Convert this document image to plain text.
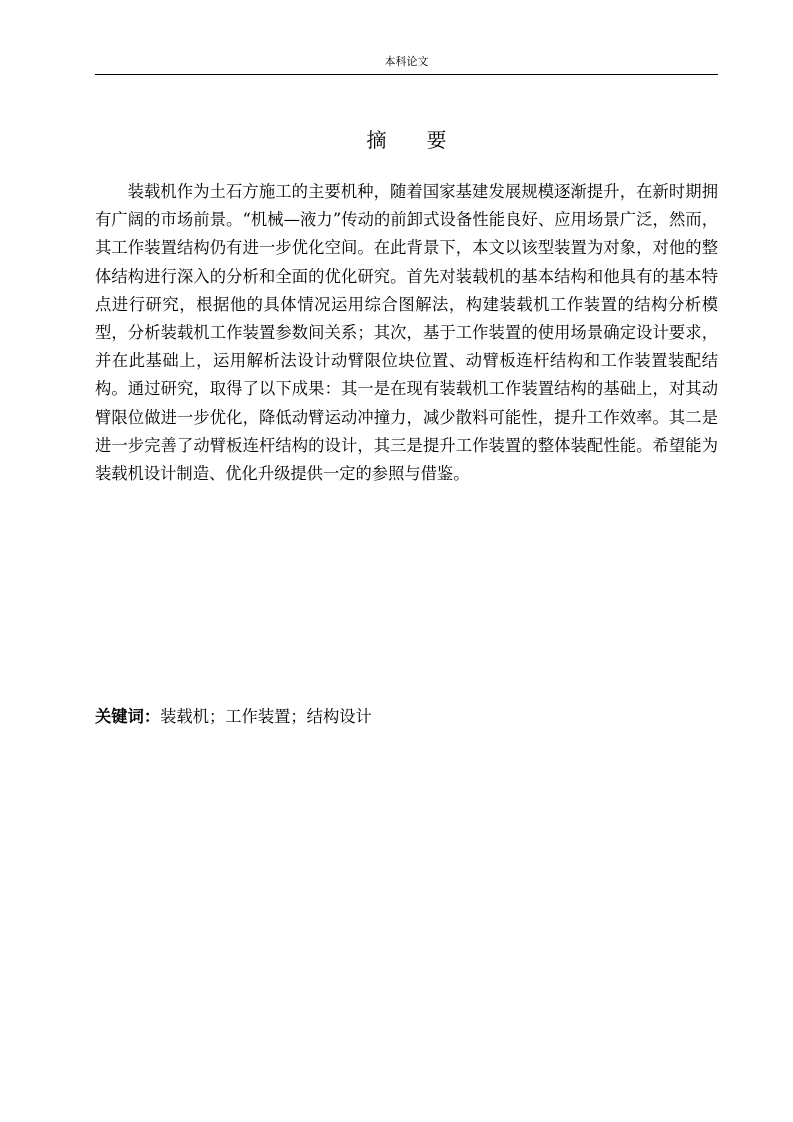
本科论文
摘要

装载机作为土石方施工的主要机种，随着国家基建发展规模逐渐提升，在新时期拥有广阔的市场前景。“机械—液力”传动的前卸式设备性能良好、应用场景广泛，然而，其工作装置结构仍有进一步优化空间。在此背景下，本文以该型装置为对象，对他的整体结构进行深入的分析和全面的优化研究。首先对装载机的基本结构和他具有的基本特点进行研究，根据他的具体情况运用综合图解法，构建装载机工作装置的结构分析模型，分析装载机工作装置参数间关系；其次，基于工作装置的使用场景确定设计要求，并在此基础上，运用解析法设计动臂限位块位置、动臂板连杆结构和工作装置装配结构。通过研究，取得了以下成果：其一是在现有装载机工作装置结构的基础上，对其动臂限位做进一步优化，降低动臂运动冲撞力，减少散料可能性，提升工作效率。其二是进一步完善了动臂板连杆结构的设计，其三是提升工作装置的整体装配性能。希望能为装载机设计制造、优化升级提供一定的参照与借鉴。

关键词：装载机；工作装置；结构设计
